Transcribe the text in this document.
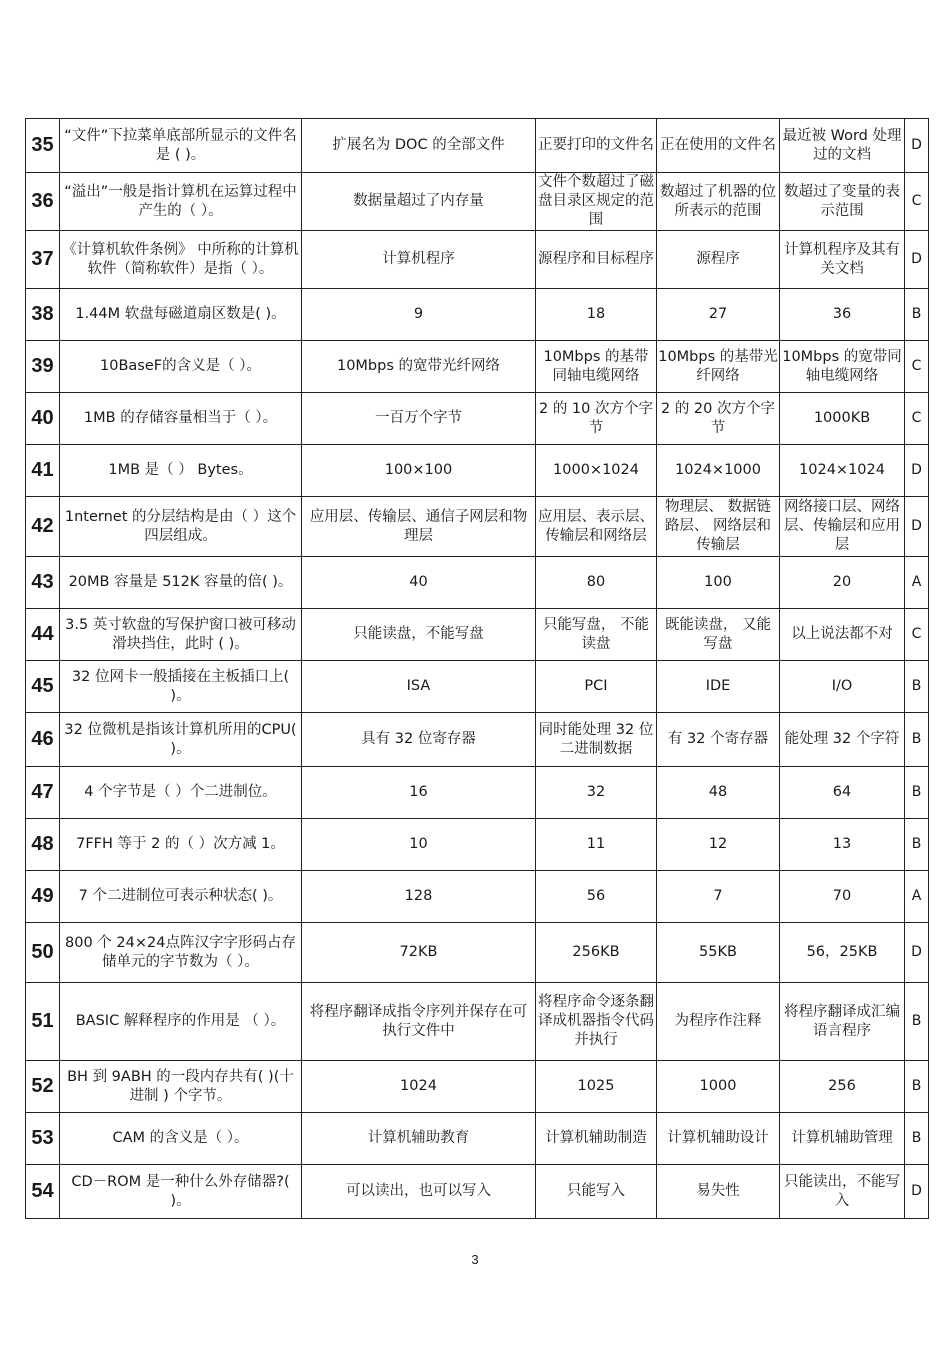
35	“文件”下拉菜单底部所显示的文件名是 ( )。	扩展名为 DOC 的全部文件	正要打印的文件名	正在使用的文件名	最近被 Word 处理过的文档	D
36	“溢出”一般是指计算机在运算过程中产生的（ ）。	数据量超过了内存量	文件个数超过了磁盘目录区规定的范围	数超过了机器的位所表示的范围	数超过了变量的表示范围	C
37	《计算机软件条例》 中所称的计算机软件（简称软件）是指（ ）。	计算机程序	源程序和目标程序	源程序	计算机程序及其有关文档	D
38	1.44M 软盘每磁道扇区数是( )。	9	18	27	36	B
39	10BaseF的含义是（ ）。	10Mbps 的宽带光纤网络	10Mbps 的基带同轴电缆网络	10Mbps 的基带光纤网络	10Mbps 的宽带同轴电缆网络	C
40	1MB 的存储容量相当于（ ）。	一百万个字节	2 的 10 次方个字节	2 的 20 次方个字节	1000KB	C
41	1MB 是（ ） Bytes。	100×100	1000×1024	1024×1000	1024×1024	D
42	1nternet 的分层结构是由（ ）这个四层组成。	应用层、传输层、通信子网层和物理层	应用层、表示层、传输层和网络层	物理层、 数据链路层、 网络层和传输层	网络接口层、网络层、传输层和应用层	D
43	20MB 容量是 512K 容量的倍( )。	40	80	100	20	A
44	3.5 英寸软盘的写保护窗口被可移动滑块挡住，此时 ( )。	只能读盘，不能写盘	只能写盘， 不能读盘	既能读盘， 又能写盘	以上说法都不对	C
45	32 位网卡一般插接在主板插口上( )。	ISA	PCI	IDE	I/O	B
46	32 位微机是指该计算机所用的CPU( )。	具有 32 位寄存器	同时能处理 32 位二进制数据	有 32 个寄存器	能处理 32 个字符	B
47	4 个字节是（ ）个二进制位。	16	32	48	64	B
48	7FFH 等于 2 的（ ）次方减 1。	10	11	12	13	B
49	7 个二进制位可表示种状态( )。	128	56	7	70	A
50	800 个 24×24点阵汉字字形码占存储单元的字节数为（ ）。	72KB	256KB	55KB	56，25KB	D
51	BASIC 解释程序的作用是 （ ）。	将程序翻译成指令序列并保存在可执行文件中	将程序命令逐条翻译成机器指令代码并执行	为程序作注释	将程序翻译成汇编语言程序	B
52	BH 到 9ABH 的一段内存共有( )(十进制 ) 个字节。	1024	1025	1000	256	B
53	CAM 的含义是（ ）。	计算机辅助教育	计算机辅助制造	计算机辅助设计	计算机辅助管理	B
54	CD－ROM 是一种什么外存储器?( )。	可以读出，也可以写入	只能写入	易失性	只能读出，不能写入	D
3
